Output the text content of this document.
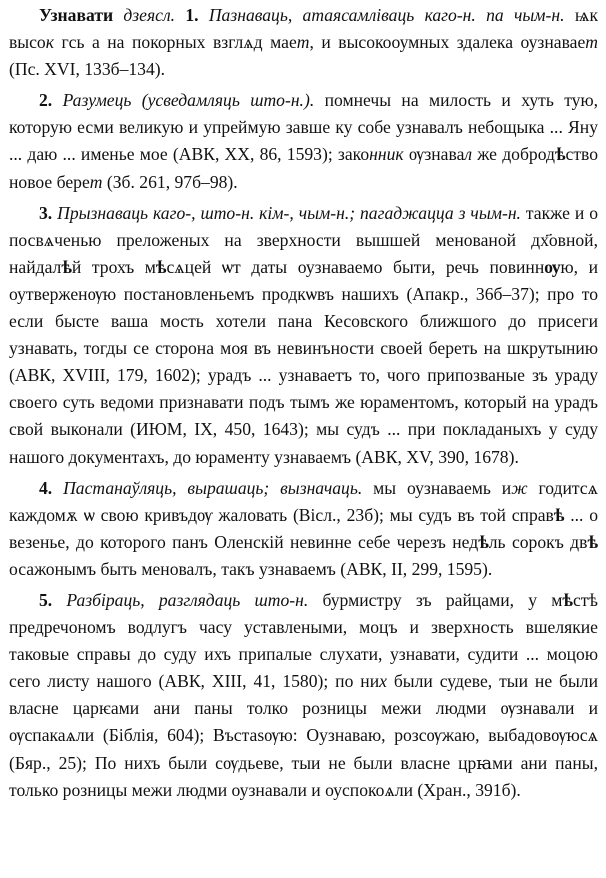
Узнавати дзеясл. 1. Пазнаваць, атаясамліваць каго-н. па чым-н. ѩк высок гсь а на покорных взглѧд мает, и высокооумных здалека оузнавает (Пс. XVI, 133б–134).

2. Разумець (усведамляць што-н.). помнечы на милость и хуть тую, которую есми великую и упреймую завше ку собе узнавалъ небощыка ... Яну ... даю ... именье мое (АВК, XX, 86, 1593); законник ѹзнавал же добродѣство новое берет (Зб. 261, 97б–98).

3. Прызнаваць каго-, што-н. кім-, чым-н.; пагаджацца з чым-н. также и о посвѧченью преложеных на зверхности вышшей менованой дх҃овной, найдалѣй трохъ мѣсѧцей ѡт даты оузнаваемо быти, речь повиннѹю, и оутверженѹю постановленьемъ продкѡвъ нашихъ (Апакр., 36б–37); про то если бысте ваша мость хотели пана Кесовского ближшого до присеги узнавать, тогды се сторона моя въ невинъности своей береть на шкрутынию (АВК, XVIII, 179, 1602); урадъ ... узнаваетъ то, чого припозваные зъ ураду своего суть ведоми признавати подъ тымъ же юраментомъ, который на урадъ свой выконали (ИЮМ, IX, 450, 1643); мы судъ ... при покладаныхъ у суду нашого документахъ, до юраменту узнаваемъ (АВК, XV, 390, 1678).

4. Пастанаўляць, вырашаць; вызначаць. мы оузнаваемь иж годитсѧ каждомѫ ѡ свою кривъдѹ жаловать (Вісл., 23б); мы судъ въ той справѣ ... о везенье, до которого панъ Оленскій невинне себе черезъ недѣль сорокъ двѣ осажонымъ быть меновалъ, такъ узнаваемъ (АВК, II, 299, 1595).

5. Разбіраць, разглядаць што-н. бурмистру зъ райцами, у мѣстѣ предречономъ водлугъ часу уставлеными, моцъ и зверхность вшелякие таковые справы до суду ихъ припалые слухати, узнавати, судити ... моцою сего листу нашого (АВК, XIII, 41, 1580); по них были судеве, тыи не были власне царѥами ани паны толко розницы межи людми ѹзнавали и ѹспакаѧли (Біблія, 604); Въстаѕѹю: Оузнаваю, розсѹжаю, выбадовѹюсѧ (Бяр., 25); По нихъ были сѹдьеве, тыи не были власне црꙗми ани паны, только розницы межи людми оузнавали и оуспокоѧли (Хран., 391б).
